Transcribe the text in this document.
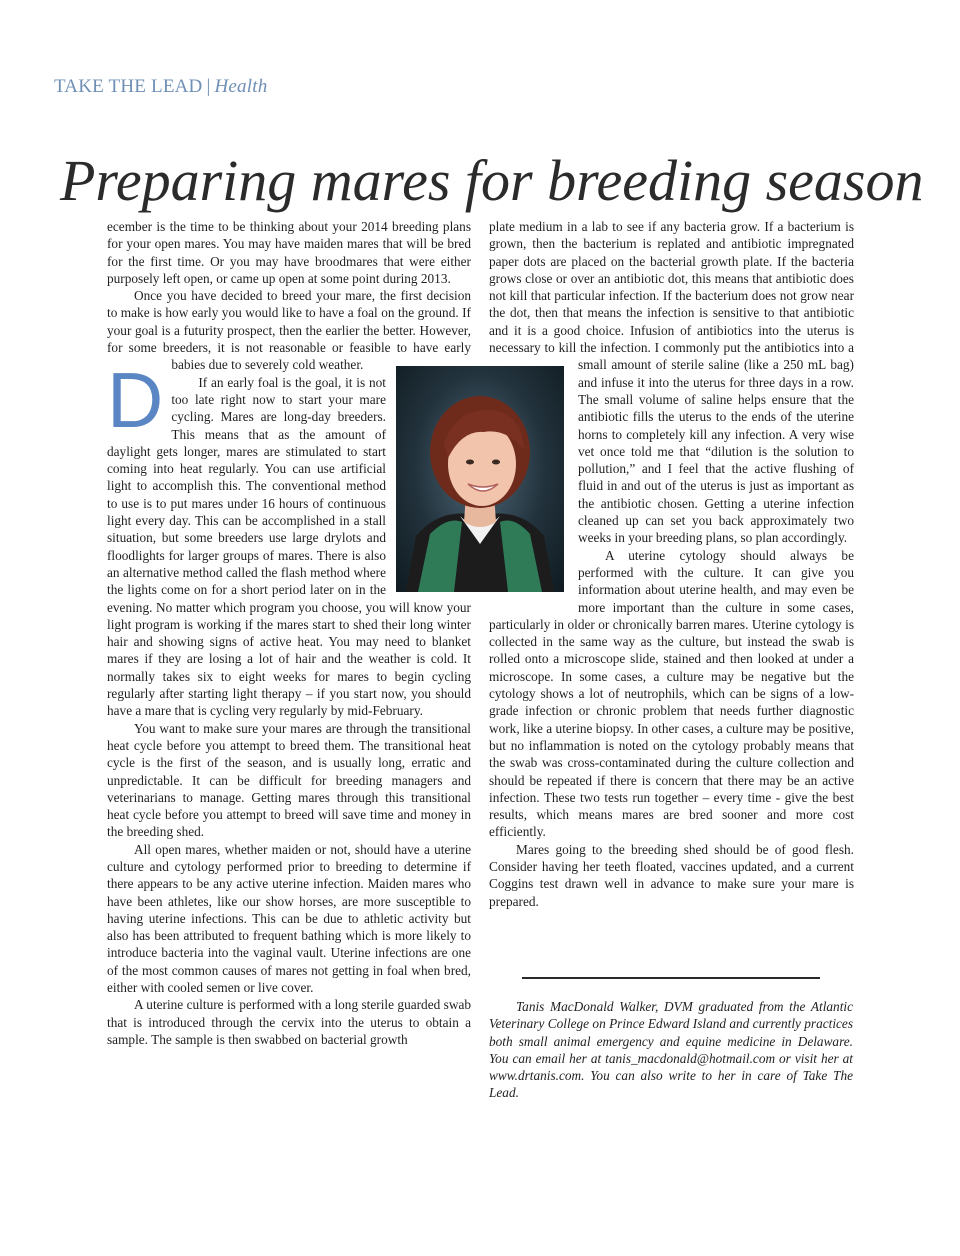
TAKE THE LEAD | Health
Preparing mares for breeding season

D
ecember is the time to be thinking about your 2014 breeding plans for your open mares. You may have maiden mares that will be bred for the first time. Or you may have broodmares that were either purposely left open, or came up open at some point during 2013.

Once you have decided to breed your mare, the first decision to make is how early you would like to have a foal on the ground. If your goal is a futurity prospect, then the earlier the better. However, for some breeders, it is not reasonable or feasible to have early babies due to severely cold weather.

If an early foal is the goal, it is not too late right now to start your mare cycling. Mares are long-day breeders. This means that as the amount of daylight gets longer, mares are stimulated to start coming into heat regularly. You can use artificial light to accomplish this. The conventional method to use is to put mares under 16 hours of continuous light every day. This can be accomplished in a stall situation, but some breeders use large drylots and floodlights for larger groups of mares. There is also an alternative method called the flash method where the lights come on for a short period later on in the evening. No matter which program you choose, you will know your light program is working if the mares start to shed their long winter hair and showing signs of active heat. You may need to blanket mares if they are losing a lot of hair and the weather is cold. It normally takes six to eight weeks for mares to begin cycling regularly after starting light therapy – if you start now, you should have a mare that is cycling very regularly by mid-February.

You want to make sure your mares are through the transitional heat cycle before you attempt to breed them. The transitional heat cycle is the first of the season, and is usually long, erratic and unpredictable. It can be difficult for breeding managers and veterinarians to manage. Getting mares through this transitional heat cycle before you attempt to breed will save time and money in the breeding shed.

All open mares, whether maiden or not, should have a uterine culture and cytology performed prior to breeding to determine if there appears to be any active uterine infection. Maiden mares who have been athletes, like our show horses, are more susceptible to having uterine infections. This can be due to athletic activity but also has been attributed to frequent bathing which is more likely to introduce bacteria into the vaginal vault. Uterine infections are one of the most common causes of mares not getting in foal when bred, either with cooled semen or live cover.

A uterine culture is performed with a long sterile guarded swab that is introduced through the cervix into the uterus to obtain a sample. The sample is then swabbed on bacterial growth

plate medium in a lab to see if any bacteria grow. If a bacterium is grown, then the bacterium is replated and antibiotic impregnated paper dots are placed on the bacterial growth plate. If the bacteria grows close or over an antibiotic dot, this means that antibiotic does not kill that particular infection. If the bacterium does not grow near the dot, then that means the infection is sensitive to that antibiotic and it is a good choice. Infusion of antibiotics into the uterus is necessary to kill the infection. I commonly put the antibiotics into a small amount of sterile saline (like a 250 mL bag) and infuse it into the uterus for three days in a row. The small volume of saline helps ensure that the antibiotic fills the uterus to the ends of the uterine horns to completely kill any infection. A very wise vet once told me that “dilution is the solution to pollution,” and I feel that the active flushing of fluid in and out of the uterus is just as important as the antibiotic chosen. Getting a uterine infection cleaned up can set you back approximately two weeks in your breeding plans, so plan accordingly.

A uterine cytology should always be performed with the culture. It can give you information about uterine health, and may even be more important than the culture in some cases, particularly in older or chronically barren mares. Uterine cytology is collected in the same way as the culture, but instead the swab is rolled onto a microscope slide, stained and then looked at under a microscope. In some cases, a culture may be negative but the cytology shows a lot of neutrophils, which can be signs of a low-grade infection or chronic problem that needs further diagnostic work, like a uterine biopsy. In other cases, a culture may be positive, but no inflammation is noted on the cytology probably means that the swab was cross-contaminated during the culture collection and should be repeated if there is concern that there may be an active infection. These two tests run together – every time - give the best results, which means mares are bred sooner and more cost efficiently.

Mares going to the breeding shed should be of good flesh. Consider having her teeth floated, vaccines updated, and a current Coggins test drawn well in advance to make sure your mare is prepared.

Tanis MacDonald Walker, DVM graduated from the Atlantic Veterinary College on Prince Edward Island and currently practices both small animal emergency and equine medicine in Delaware. You can email her at tanis_macdonald@hotmail.com or visit her at www.drtanis.com. You can also write to her in care of Take The Lead.
